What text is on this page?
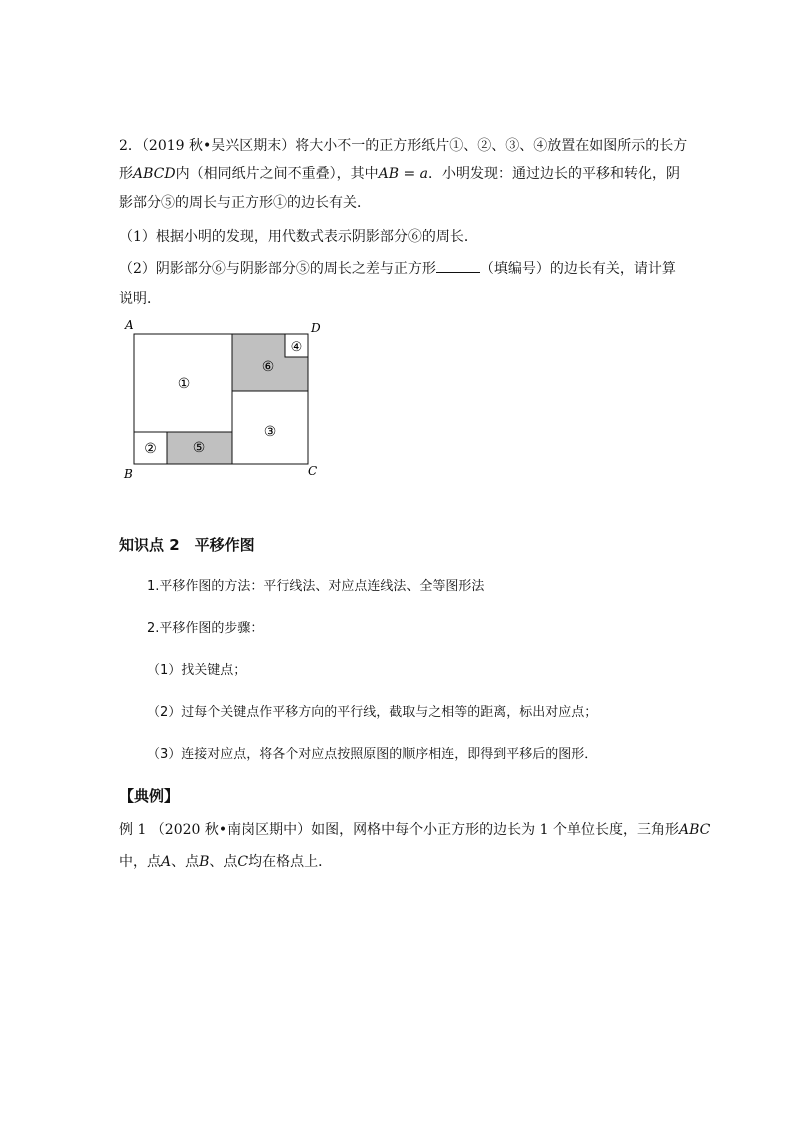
2．（2019 秋•吴兴区期末）将大小不一的正方形纸片①、②、③、④放置在如图所示的长方
形ABCD内（相同纸片之间不重叠），其中AB = a．小明发现：通过边长的平移和转化，阴
影部分⑤的周长与正方形①的边长有关．
（1）根据小明的发现，用代数式表示阴影部分⑥的周长．
（2）阴影部分⑥与阴影部分⑤的周长之差与正方形	（填编号）的边长有关，请计算
说明．
①
②	⑤
⑥
④
③
A	D
B	C
知识点 2　平移作图
1.平移作图的方法：平行线法、对应点连线法、全等图形法
2.平移作图的步骤：
（1）找关键点；
（2）过每个关键点作平移方向的平行线，截取与之相等的距离，标出对应点；
（3）连接对应点，将各个对应点按照原图的顺序相连，即得到平移后的图形．
【典例】
例 1 （2020 秋•南岗区期中）如图，网格中每个小正方形的边长为 1 个单位长度，三角形ABC
中，点A、点B、点C均在格点上．
